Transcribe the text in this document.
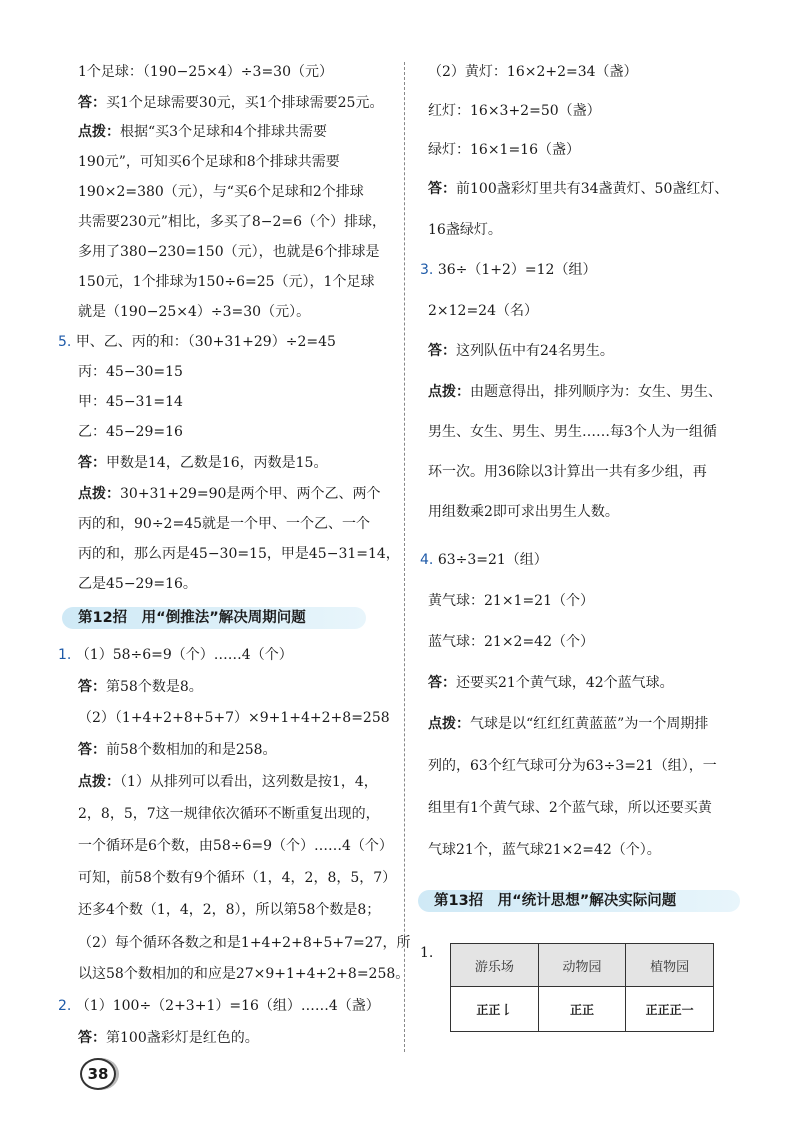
1个足球：（190−25×4）÷3=30（元）
答：买1个足球需要30元，买1个排球需要25元。
点拨：根据“买3个足球和4个排球共需要
190元”，可知买6个足球和8个排球共需要
190×2=380（元），与“买6个足球和2个排球
共需要230元”相比，多买了8−2=6（个）排球，
多用了380−230=150（元），也就是6个排球是
150元，1个排球为150÷6=25（元），1个足球
就是（190−25×4）÷3=30（元）。
5. 甲、乙、丙的和：（30+31+29）÷2=45
丙：45−30=15
甲：45−31=14
乙：45−29=16
答：甲数是14，乙数是16，丙数是15。
点拨：30+31+29=90是两个甲、两个乙、两个
丙的和，90÷2=45就是一个甲、一个乙、一个
丙的和，那么丙是45−30=15，甲是45−31=14，
乙是45−29=16。
第12招　用“倒推法”解决周期问题
1. （1）58÷6=9（个）……4（个）
答：第58个数是8。
（2）（1+4+2+8+5+7）×9+1+4+2+8=258
答：前58个数相加的和是258。
点拨：（1）从排列可以看出，这列数是按1，4，
2，8，5，7这一规律依次循环不断重复出现的，
一个循环是6个数，由58÷6=9（个）……4（个）
可知，前58个数有9个循环（1，4，2，8，5，7）
还多4个数（1，4，2，8），所以第58个数是8；
（2）每个循环各数之和是1+4+2+8+5+7=27，所
以这58个数相加的和应是27×9+1+4+2+8=258。
2. （1）100÷（2+3+1）=16（组）……4（盏）
答：第100盏彩灯是红色的。
（2）黄灯：16×2+2=34（盏）
红灯：16×3+2=50（盏）
绿灯：16×1=16（盏）
答：前100盏彩灯里共有34盏黄灯、50盏红灯、
16盏绿灯。
3. 36÷（1+2）=12（组）
2×12=24（名）
答：这列队伍中有24名男生。
点拨：由题意得出，排列顺序为：女生、男生、
男生、女生、男生、男生……每3个人为一组循
环一次。用36除以3计算出一共有多少组，再
用组数乘2即可求出男生人数。
4. 63÷3=21（组）
黄气球：21×1=21（个）
蓝气球：21×2=42（个）
答：还要买21个黄气球，42个蓝气球。
点拨：气球是以“红红红黄蓝蓝”为一个周期排
列的，63个红气球可分为63÷3=21（组），一
组里有1个黄气球、2个蓝气球，所以还要买黄
气球21个，蓝气球21×2=42（个）。
第13招　用“统计思想”解决实际问题
1.
游乐场	动物园	植物园
正正𠄌	正正	正正正一
38
